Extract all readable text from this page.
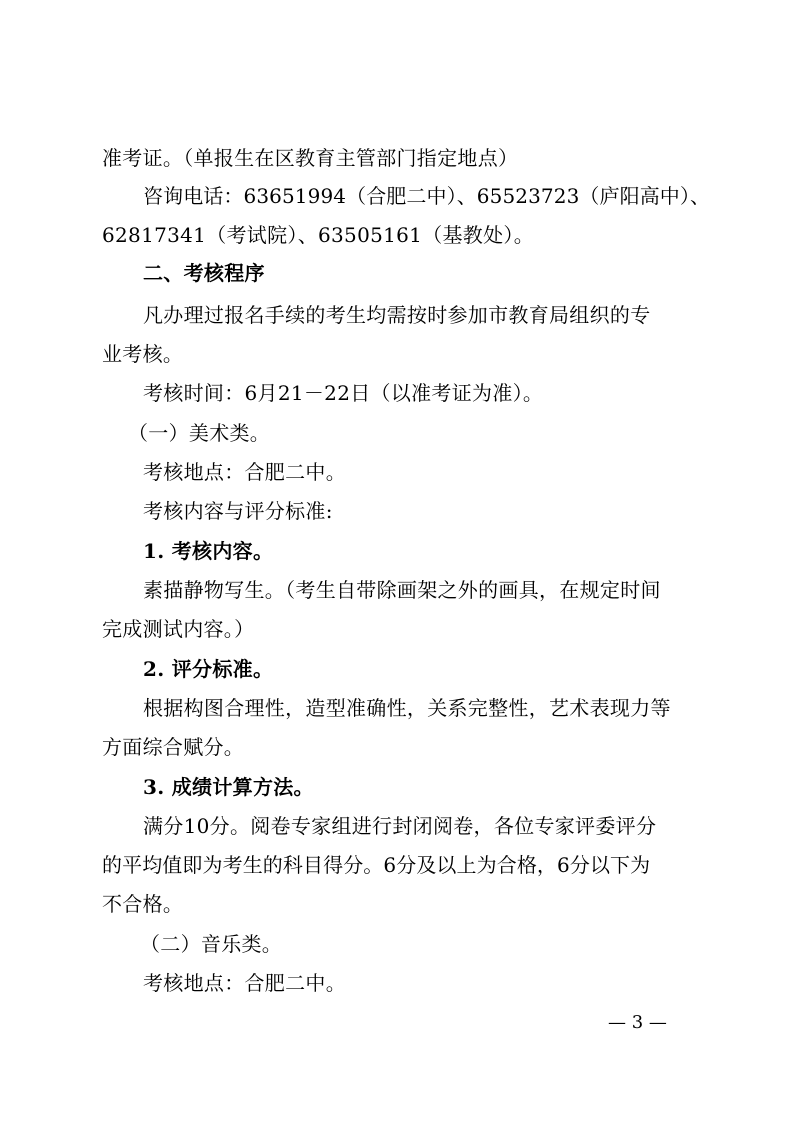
准考证。（单报生在区教育主管部门指定地点）
咨询电话：63651994（合肥二中）、65523723（庐阳高中）、
62817341（考试院）、63505161（基教处）。
二、考核程序
凡办理过报名手续的考生均需按时参加市教育局组织的专
业考核。
考核时间：6月21－22日（以准考证为准）。
（一）美术类。
考核地点：合肥二中。
考核内容与评分标准:
1. 考核内容。
素描静物写生。（考生自带除画架之外的画具，在规定时间
完成测试内容。）
2. 评分标准。
根据构图合理性，造型准确性，关系完整性，艺术表现力等
方面综合赋分。
3. 成绩计算方法。
满分10分。阅卷专家组进行封闭阅卷，各位专家评委评分
的平均值即为考生的科目得分。6分及以上为合格，6分以下为
不合格。
（二）音乐类。
考核地点：合肥二中。
— 3 —
